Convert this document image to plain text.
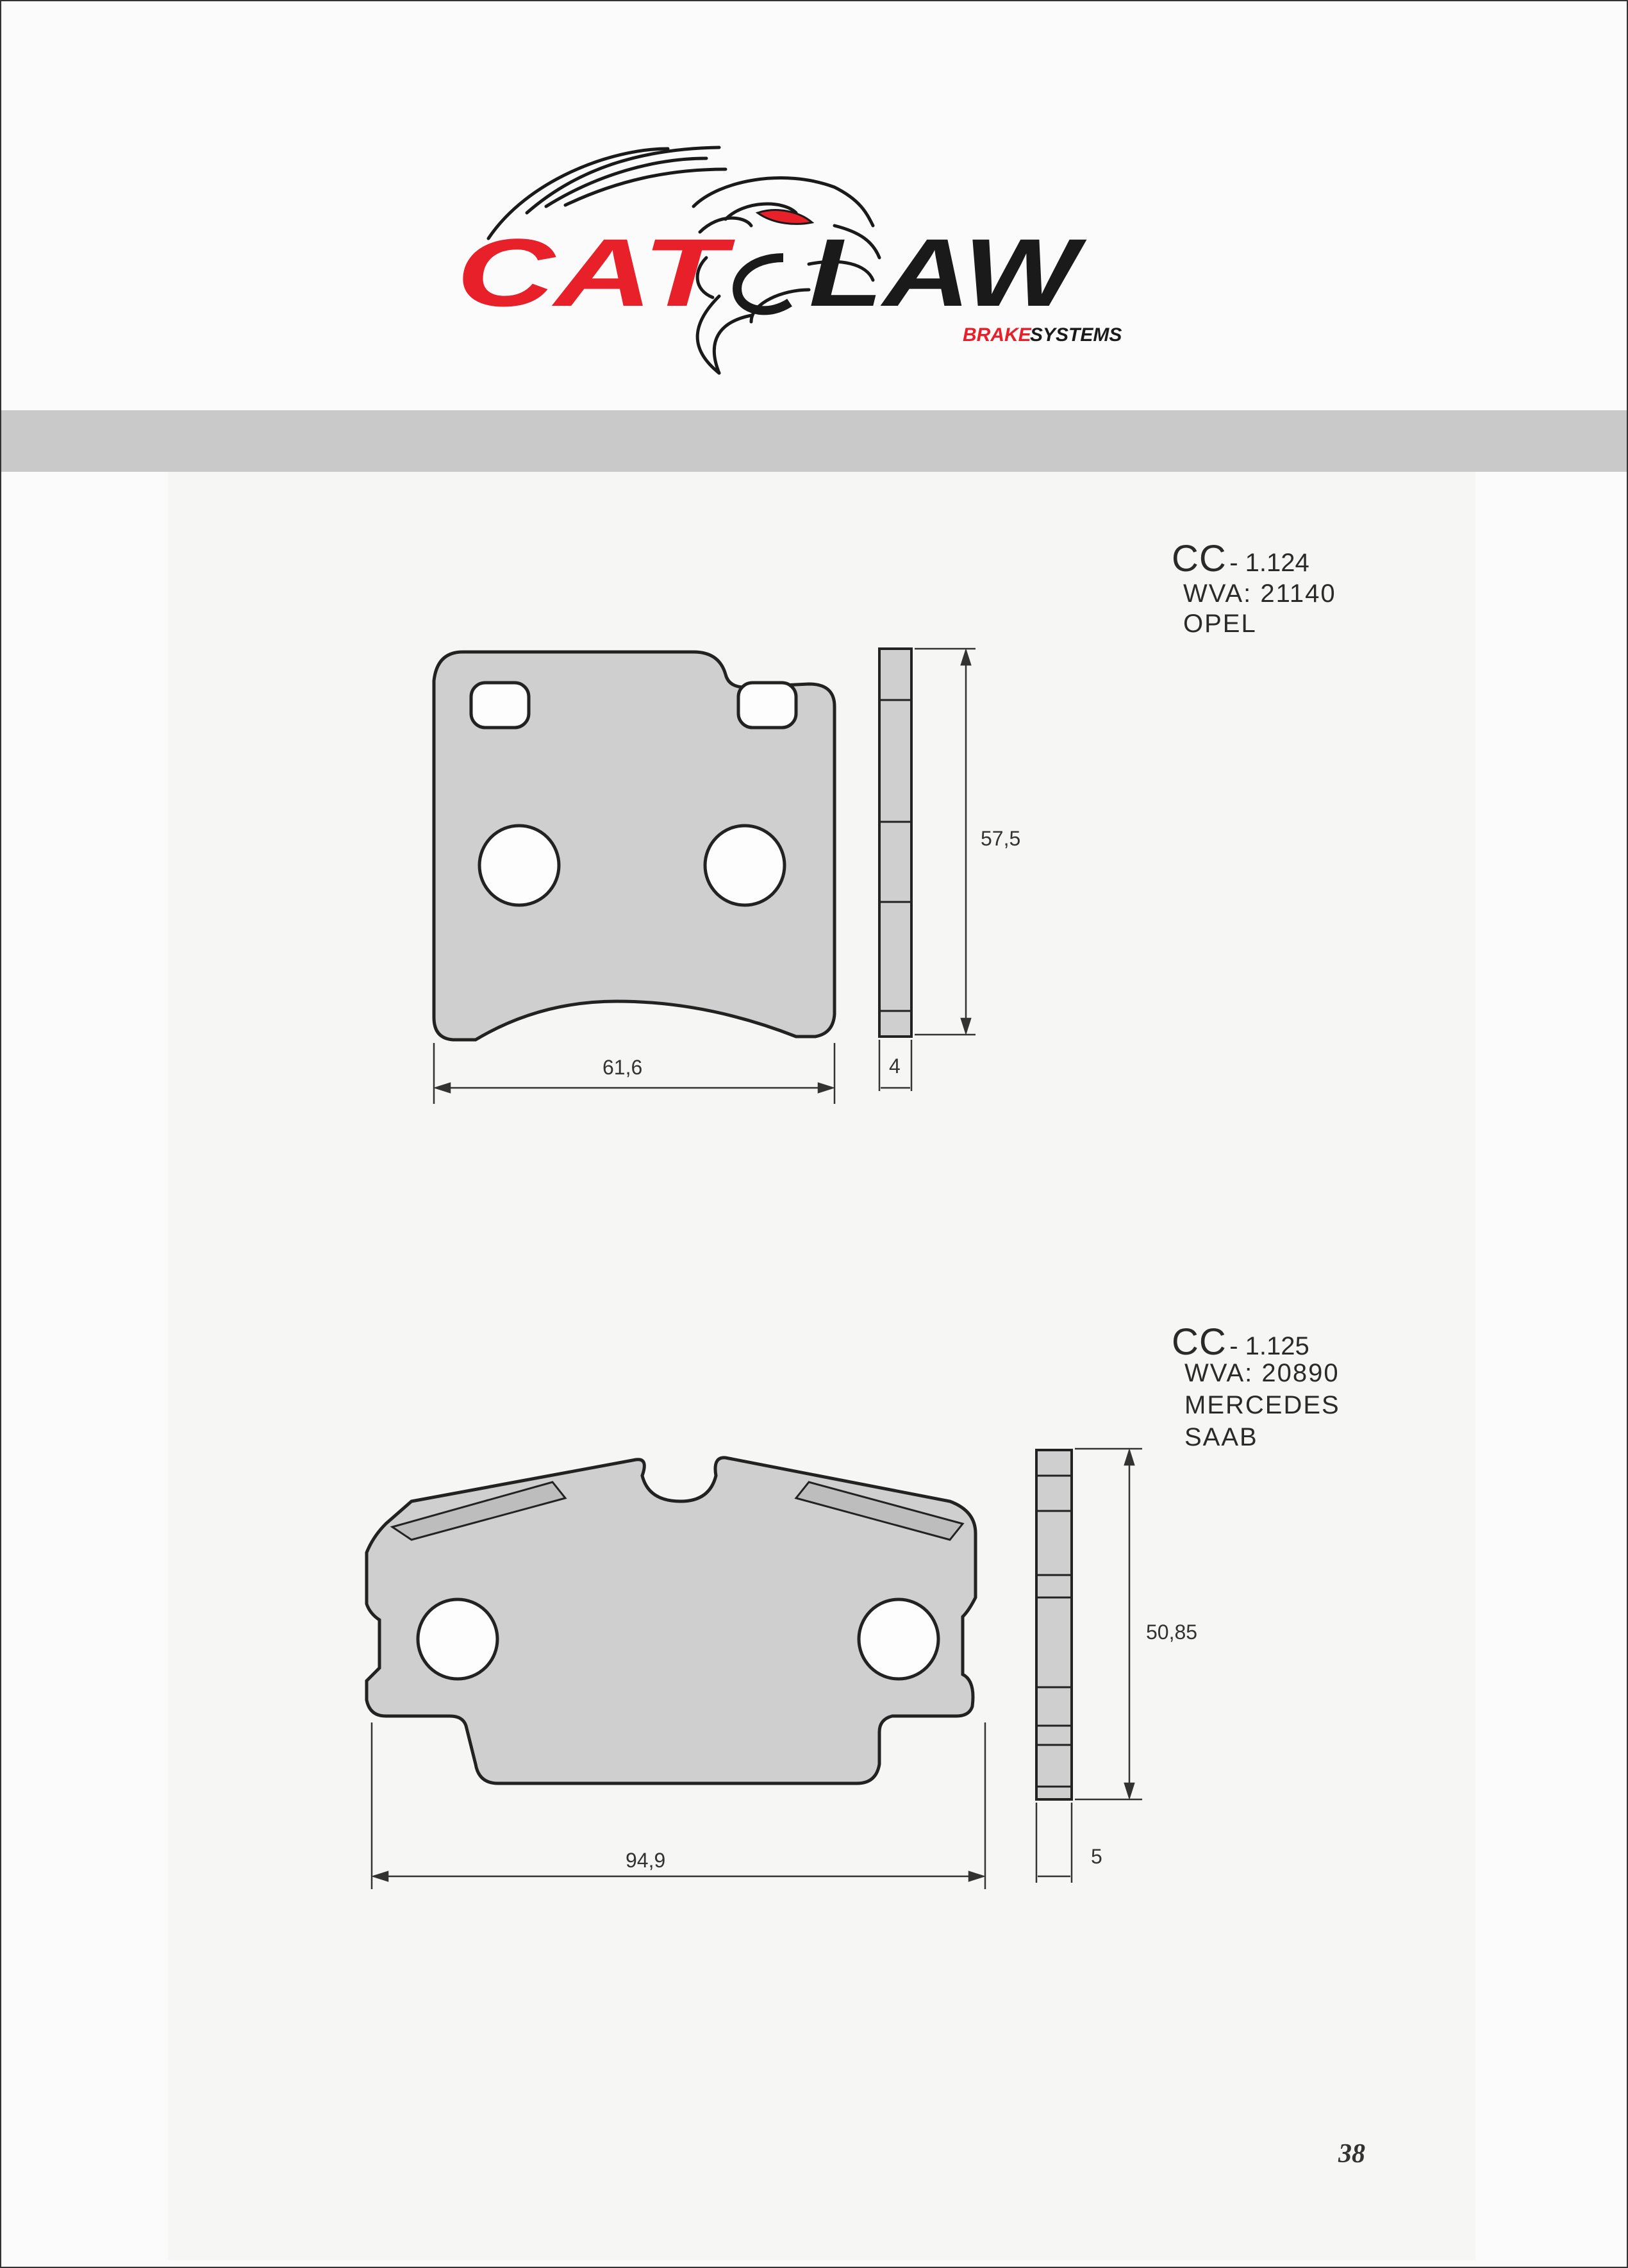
CAT LAW
BRAKE
SYSTEMS
CC - 1.124
WVA: 21140
OPEL
61,6
57,5
4
CC - 1.125
WVA: 20890
MERCEDES
SAAB
94,9
50,85
5
38
